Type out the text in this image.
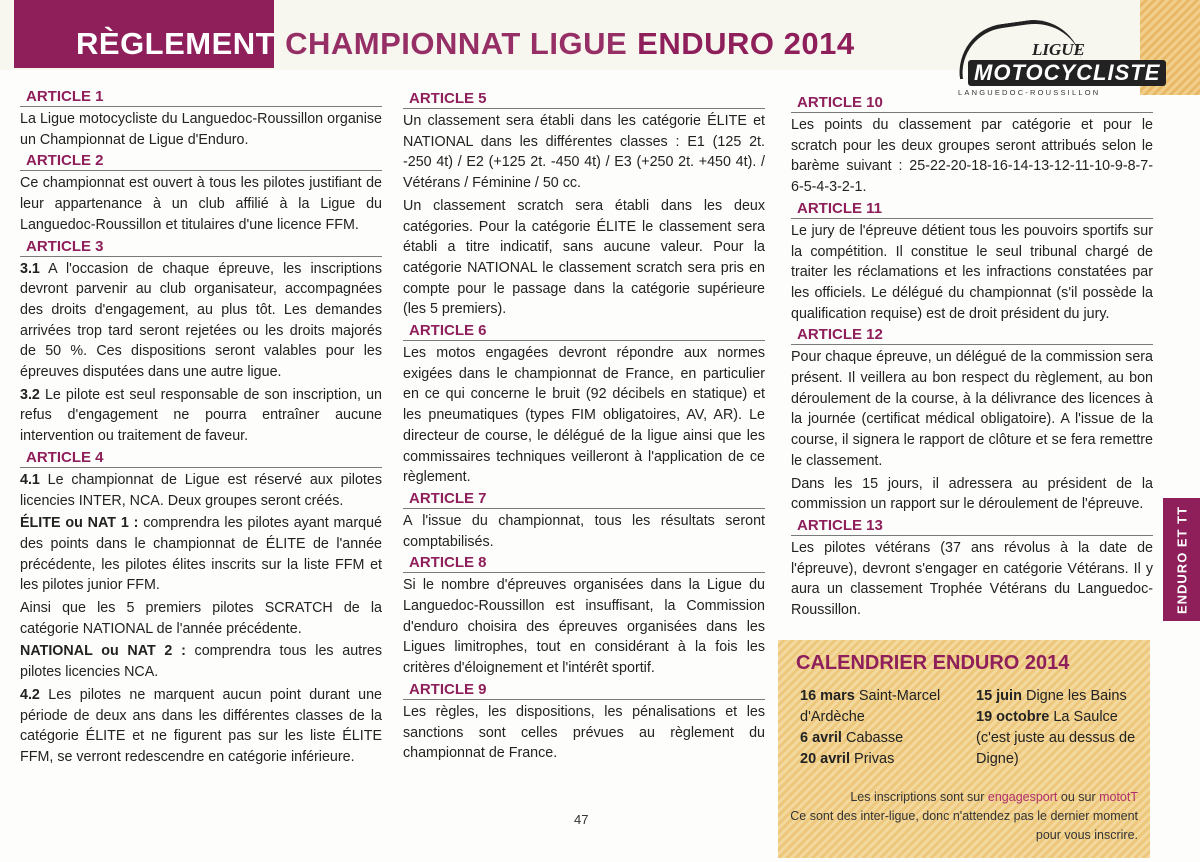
RÈGLEMENT CHAMPIONNAT LIGUE ENDURO 2014	LIGUE
MOTOCYCLISTE
LANGUEDOC-ROUSSILLON
ARTICLE 1
La Ligue motocycliste du Languedoc-Roussillon organise un Championnat de Ligue d'Enduro.
ARTICLE 2
Ce championnat est ouvert à tous les pilotes justifiant de leur appartenance à un club affilié à la Ligue du Languedoc-Roussillon et titulaires d'une licence FFM.
ARTICLE 3
3.1 A l'occasion de chaque épreuve, les inscriptions devront parvenir au club organisateur, accompagnées des droits d'engagement, au plus tôt. Les demandes arrivées trop tard seront rejetées ou les droits majorés de 50 %. Ces dispositions seront valables pour les épreuves disputées dans une autre ligue.
3.2 Le pilote est seul responsable de son inscription, un refus d'engagement ne pourra entraîner aucune intervention ou traitement de faveur.
ARTICLE 4
4.1 Le championnat de Ligue est réservé aux pilotes licencies INTER, NCA. Deux groupes seront créés.
ÉLITE ou NAT 1 : comprendra les pilotes ayant marqué des points dans le championnat de ÉLITE de l'année précédente, les pilotes élites inscrits sur la liste FFM et les pilotes junior FFM.
Ainsi que les 5 premiers pilotes SCRATCH de la catégorie NATIONAL de l'année précédente.
NATIONAL ou NAT 2 : comprendra tous les autres pilotes licencies NCA.
4.2 Les pilotes ne marquent aucun point durant une période de deux ans dans les différentes classes de la catégorie ÉLITE et ne figurent pas sur les liste ÉLITE FFM, se verront redescendre en catégorie inférieure.
ARTICLE 5
Un classement sera établi dans les catégorie ÉLITE et NATIONAL dans les différentes classes : E1 (125 2t. -250 4t) / E2 (+125 2t. -450 4t) / E3 (+250 2t. +450 4t). / Vétérans / Féminine / 50 cc.
Un classement scratch sera établi dans les deux catégories. Pour la catégorie ÉLITE le classement sera établi a titre indicatif, sans aucune valeur. Pour la catégorie NATIONAL le classement scratch sera pris en compte pour le passage dans la catégorie supérieure (les 5 premiers).
ARTICLE 6
Les motos engagées devront répondre aux normes exigées dans le championnat de France, en particulier en ce qui concerne le bruit (92 décibels en statique) et les pneumatiques (types FIM obligatoires, AV, AR). Le directeur de course, le délégué de la ligue ainsi que les commissaires techniques veilleront à l'application de ce règlement.
ARTICLE 7
A l'issue du championnat, tous les résultats seront comptabilisés.
ARTICLE 8
Si le nombre d'épreuves organisées dans la Ligue du Languedoc-Roussillon est insuffisant, la Commission d'enduro choisira des épreuves organisées dans les Ligues limitrophes, tout en considérant à la fois les critères d'éloignement et l'intérêt sportif.
ARTICLE 9
Les règles, les dispositions, les pénalisations et les sanctions sont celles prévues au règlement du championnat de France.
ARTICLE 10
Les points du classement par catégorie et pour le scratch pour les deux groupes seront attribués selon le barème suivant : 25-22-20-18-16-14-13-12-11-10-9-8-7-6-5-4-3-2-1.
ARTICLE 11
Le jury de l'épreuve détient tous les pouvoirs sportifs sur la compétition. Il constitue le seul tribunal chargé de traiter les réclamations et les infractions constatées par les officiels. Le délégué du championnat (s'il possède la qualification requise) est de droit président du jury.
ARTICLE 12
Pour chaque épreuve, un délégué de la commission sera présent. Il veillera au bon respect du règlement, au bon déroulement de la course, à la délivrance des licences à la journée (certificat médical obligatoire). A l'issue de la course, il signera le rapport de clôture et se fera remettre le classement.
Dans les 15 jours, il adressera au président de la commission un rapport sur le déroulement de l'épreuve.
ARTICLE 13
Les pilotes vétérans (37 ans révolus à la date de l'épreuve), devront s'engager en catégorie Vétérans. Il y aura un classement Trophée Vétérans du Languedoc-Roussillon.	ENDURO ET TT
CALENDRIER ENDURO 2014
16 mars Saint-Marcel d'Ardèche
6 avril Cabasse
20 avril Privas
15 juin Digne les Bains
19 octobre La Saulce (c'est juste au dessus de Digne)
Les inscriptions sont sur engagesport ou sur mototT
Ce sont des inter-ligue, donc n'attendez pas le dernier moment pour vous inscrire.
47
